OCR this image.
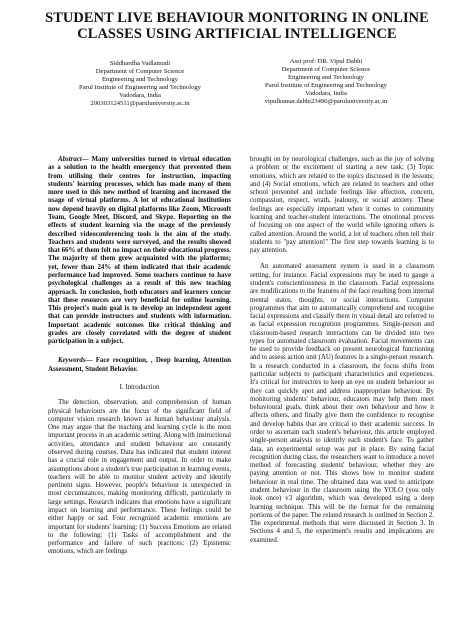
STUDENT LIVE BEHAVIOUR MONITORING IN ONLINE CLASSES USING ARTIFICIAL INTELLIGENCE

Siddhardha Vadlamudi

Department of Computer Science

Engineering and Technology

Parul Institute of Engineering and Technology

Vadodara, India

200303124511@paruluniversity.ac.in

Asst prof: DR. Vipul Dabhi

Department of Computer Science

Engineering and Technology

Parul Institute of Engineering and Technology

Vadodara, India

vipulkumar.dabhi23496@paruluniversity.ac.in

Abstract— Many universities turned to virtual education as a solution to the health emergency that prevented them from utilising their centres for instruction, impacting students' learning processes, which has made many of them more used to this new method of learning and increased the usage of virtual platforms. A lot of educational institutions now depend heavily on digital platforms like Zoom, Microsoft Team, Google Meet, Discord, and Skype. Reporting on the effects of student learning via the usage of the previously described videoconferencing tools is the aim of the study. Teachers and students were surveyed, and the results showed that 66% of them felt no impact on their educational progress. The majority of them grew acquainted with the platforms; yet, fewer than 24% of them indicated that their academic performance had improved. Some teachers continue to have psychological challenges as a result of this new teaching approach. In conclusion, both educators and learners concur that these resources are very beneficial for online learning. This project's main goal is to develop an independent agent that can provide instructors and students with information. Important academic outcomes like critical thinking and grades are closely correlated with the degree of student participation in a subject.

Keywords— Face recognition, , Deep learning, Attention Assessment, Student Behavior.

I. Introduction

The detection, observation, and comprehension of human physical behaviours are the focus of the significant field of computer vision research known as human behaviour analysis. One may argue that the teaching and learning cycle is the most important process in an academic setting. Along with instructional activities, attendance and student behaviour are constantly observed during courses. Data has indicated that student interest has a crucial role in engagement and output. In order to make assumptions about a student's true participation in learning events, teachers will be able to monitor student activity and identify pertinent signs. However, people's behaviour is unexpected in most circumstances, making monitoring difficult, particularly in large settings. Research indicates that emotions have a significant impact on learning and performance. These feelings could be either happy or sad. Four recognized academic emotions are important for students' learning: (1) Success Emotions are related to the following: (1) Tasks of accomplishment and the performance and failure of such practices; (2) Epistemic emotions, which are feelings

brought on by neurological challenges, such as the joy of solving a problem or the excitement of starting a new task; (3) Topic emotions, which are related to the topics discussed in the lessons; and (4) Social emotions, which are related to teachers and other school personnel and include feelings like affection, concern, compassion, respect, wrath, jealousy, or social anxiety. These feelings are especially important when it comes to community learning and teacher-student interactions. The emotional process of focusing on one aspect of the world while ignoring others is called attention. Around the world, a lot of teachers often tell their students to "pay attention!" The first step towards learning is to pay attention.

An automated assessment system is used in a classroom setting, for instance. Facial expressions may be used to gauge a student's conscientiousness in the classroom. Facial expressions are modifications to the features of the face resulting from internal mental states, thoughts, or social interactions. Computer programmes that aim to automatically comprehend and recognise facial expressions and classify them in visual detail are referred to as facial expression recognition programmes. Single-person and classroom-based research interactions can be divided into two types for automated classroom evaluation. Facial movements can be used to provide feedback on present neurological functioning and to assess action unit (AU) features in a single-person research. In a research conducted in a classroom, the focus shifts from particular subjects to participant characteristics and experiences. It's critical for instructors to keep an eye on student behaviour so they can quickly spot and address inappropriate behaviour. By monitoring students' behaviour, educators may help them meet behavioural goals, think about their own behaviour and how it affects others, and finally give them the confidence to recognise and develop habits that are critical to their academic success. In order to ascertain each student's behaviour, this article employed single-person analysis to identify each student's face. To gather data, an experimental setup was put in place. By using facial recognition during class, the researchers want to introduce a novel method of forecasting students' behaviour, whether they are paying attention or not. This shows how to monitor student behaviour in real time. The obtained data was used to anticipate student behaviour in the classroom using the YOLO (you only look once) v3 algorithm, which was developed using a deep learning technique. This will be the format for the remaining portions of the paper. The related research is outlined in Section 2. The experimental methods that were discussed in Section 3. In Sections 4 and 5, the experiment's results and implications are examined.
